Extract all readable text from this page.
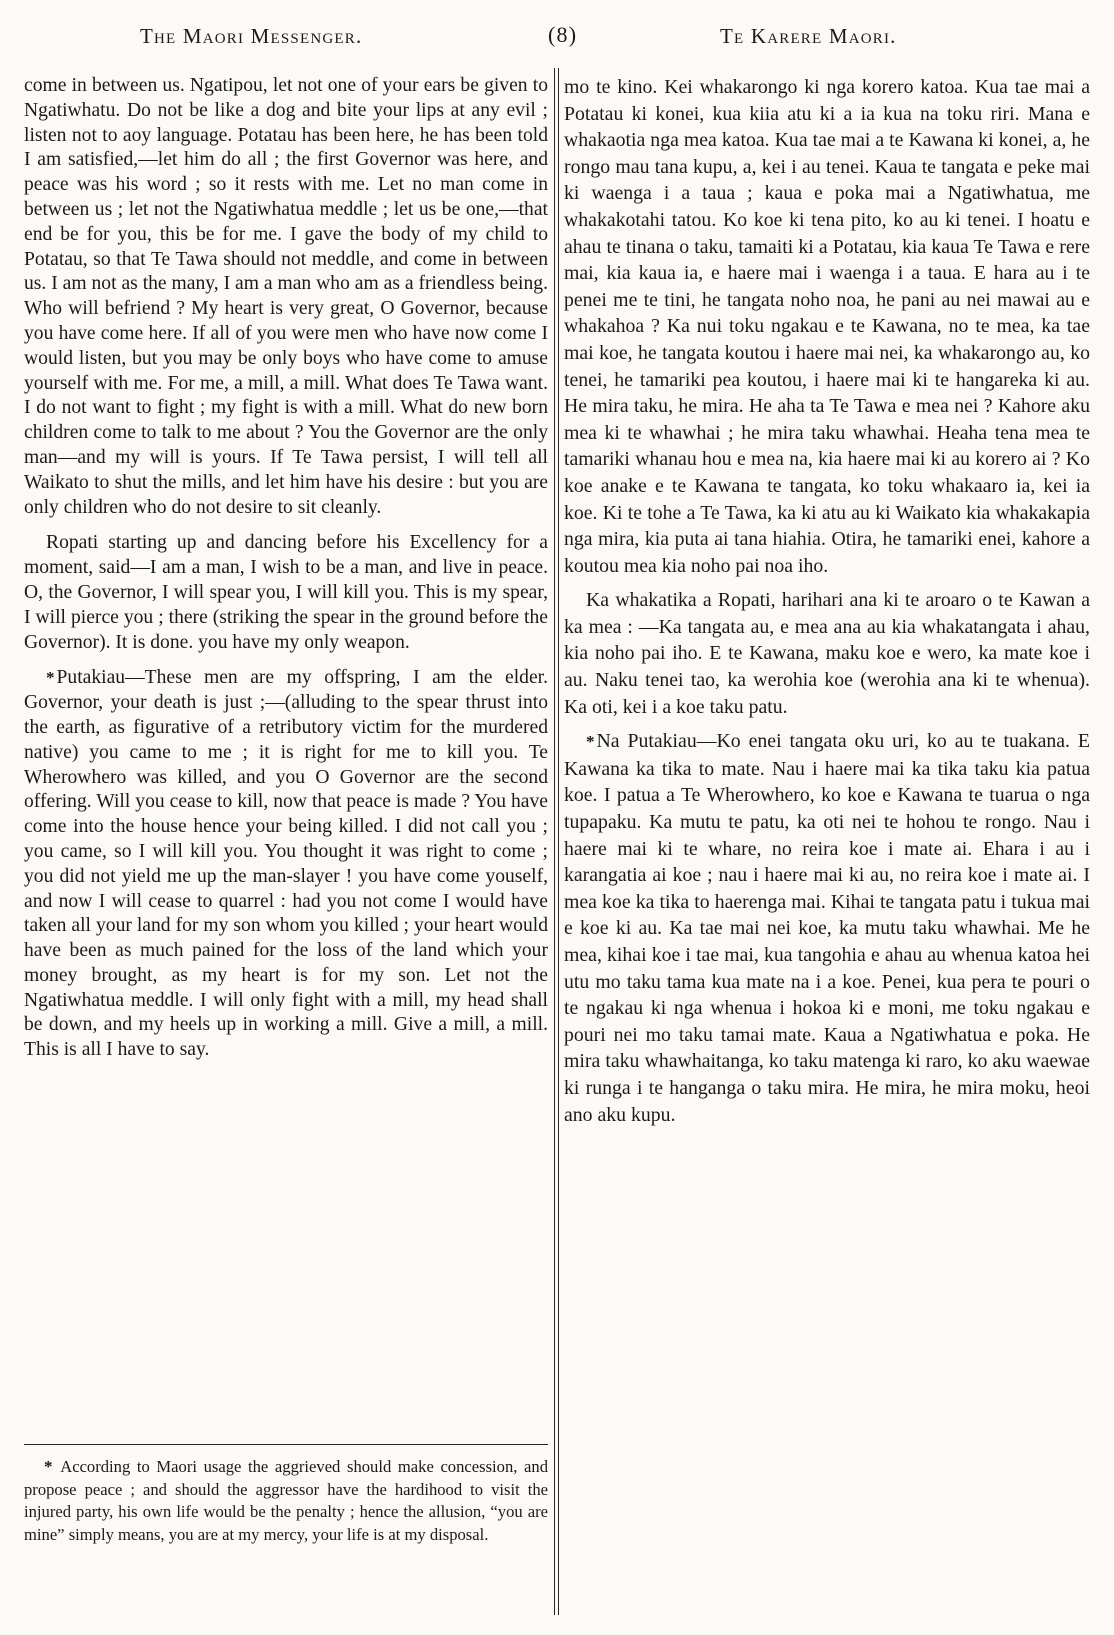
The Maori Messenger.	(8)	Te Karere Maori.

come in between us. Ngatipou, let not one of your ears be given to Ngatiwhatu. Do not be like a dog and bite your lips at any evil ; listen not to aoy language. Potatau has been here, he has been told I am satisfied,—let him do all ; the first Governor was here, and peace was his word ; so it rests with me. Let no man come in between us ; let not the Ngatiwhatua meddle ; let us be one,—that end be for you, this be for me. I gave the body of my child to Potatau, so that Te Tawa should not meddle, and come in between us. I am not as the many, I am a man who am as a friendless being. Who will befriend ? My heart is very great, O Governor, because you have come here. If all of you were men who have now come I would listen, but you may be only boys who have come to amuse yourself with me. For me, a mill, a mill. What does Te Tawa want. I do not want to fight ; my fight is with a mill. What do new born children come to talk to me about ? You the Governor are the only man—and my will is yours. If Te Tawa persist, I will tell all Waikato to shut the mills, and let him have his desire : but you are only children who do not desire to sit cleanly.

Ropati starting up and dancing before his Excellency for a moment, said—I am a man, I wish to be a man, and live in peace. O, the Governor, I will spear you, I will kill you. This is my spear, I will pierce you ; there (striking the spear in the ground before the Governor). It is done. you have my only weapon.

* Putakiau—These men are my offspring, I am the elder. Governor, your death is just ;—(alluding to the spear thrust into the earth, as figurative of a retributory victim for the murdered native) you came to me ; it is right for me to kill you. Te Wherowhero was killed, and you O Governor are the second offering. Will you cease to kill, now that peace is made ? You have come into the house hence your being killed. I did not call you ; you came, so I will kill you. You thought it was right to come ; you did not yield me up the man-slayer ! you have come youself, and now I will cease to quarrel : had you not come I would have taken all your land for my son whom you killed ; your heart would have been as much pained for the loss of the land which your money brought, as my heart is for my son. Let not the Ngatiwhatua meddle. I will only fight with a mill, my head shall be down, and my heels up in working a mill. Give a mill, a mill. This is all I have to say.

* According to Maori usage the aggrieved should make concession, and propose peace ; and should the aggressor have the hardihood to visit the injured party, his own life would be the penalty ; hence the allusion, “you are mine” simply means, you are at my mercy, your life is at my disposal.

mo te kino. Kei whakarongo ki nga korero katoa. Kua tae mai a Potatau ki konei, kua kiia atu ki a ia kua na toku riri. Mana e whakaotia nga mea katoa. Kua tae mai a te Kawana ki konei, a, he rongo mau tana kupu, a, kei i au tenei. Kaua te tangata e peke mai ki waenga i a taua ; kaua e poka mai a Ngatiwhatua, me whakakotahi tatou. Ko koe ki tena pito, ko au ki tenei. I hoatu e ahau te tinana o taku, tamaiti ki a Potatau, kia kaua Te Tawa e rere mai, kia kaua ia, e haere mai i waenga i a taua. E hara au i te penei me te tini, he tangata noho noa, he pani au nei mawai au e whakahoa ? Ka nui toku ngakau e te Kawana, no te mea, ka tae mai koe, he tangata koutou i haere mai nei, ka whakarongo au, ko tenei, he tamariki pea koutou, i haere mai ki te hangareka ki au. He mira taku, he mira. He aha ta Te Tawa e mea nei ? Kahore aku mea ki te whawhai ; he mira taku whawhai. Heaha tena mea te tamariki whanau hou e mea na, kia haere mai ki au korero ai ? Ko koe anake e te Kawana te tangata, ko toku whakaaro ia, kei ia koe. Ki te tohe a Te Tawa, ka ki atu au ki Waikato kia whakakapia nga mira, kia puta ai tana hiahia. Otira, he tamariki enei, kahore a koutou mea kia noho pai noa iho.

Ka whakatika a Ropati, harihari ana ki te aroaro o te Kawan a ka mea : —Ka tangata au, e mea ana au kia whakatangata i ahau, kia noho pai iho. E te Kawana, maku koe e wero, ka mate koe i au. Naku tenei tao, ka werohia koe (werohia ana ki te whenua). Ka oti, kei i a koe taku patu.

* Na Putakiau—Ko enei tangata oku uri, ko au te tuakana. E Kawana ka tika to mate. Nau i haere mai ka tika taku kia patua koe. I patua a Te Wherowhero, ko koe e Kawana te tuarua o nga tupapaku. Ka mutu te patu, ka oti nei te hohou te rongo. Nau i haere mai ki te whare, no reira koe i mate ai. Ehara i au i karangatia ai koe ; nau i haere mai ki au, no reira koe i mate ai. I mea koe ka tika to haerenga mai. Kihai te tangata patu i tukua mai e koe ki au. Ka tae mai nei koe, ka mutu taku whawhai. Me he mea, kihai koe i tae mai, kua tangohia e ahau au whenua katoa hei utu mo taku tama kua mate na i a koe. Penei, kua pera te pouri o te ngakau ki nga whenua i hokoa ki e moni, me toku ngakau e pouri nei mo taku tamai mate. Kaua a Ngatiwhatua e poka. He mira taku whawhaitanga, ko taku matenga ki raro, ko aku waewae ki runga i te hanganga o taku mira. He mira, he mira moku, heoi ano aku kupu.
